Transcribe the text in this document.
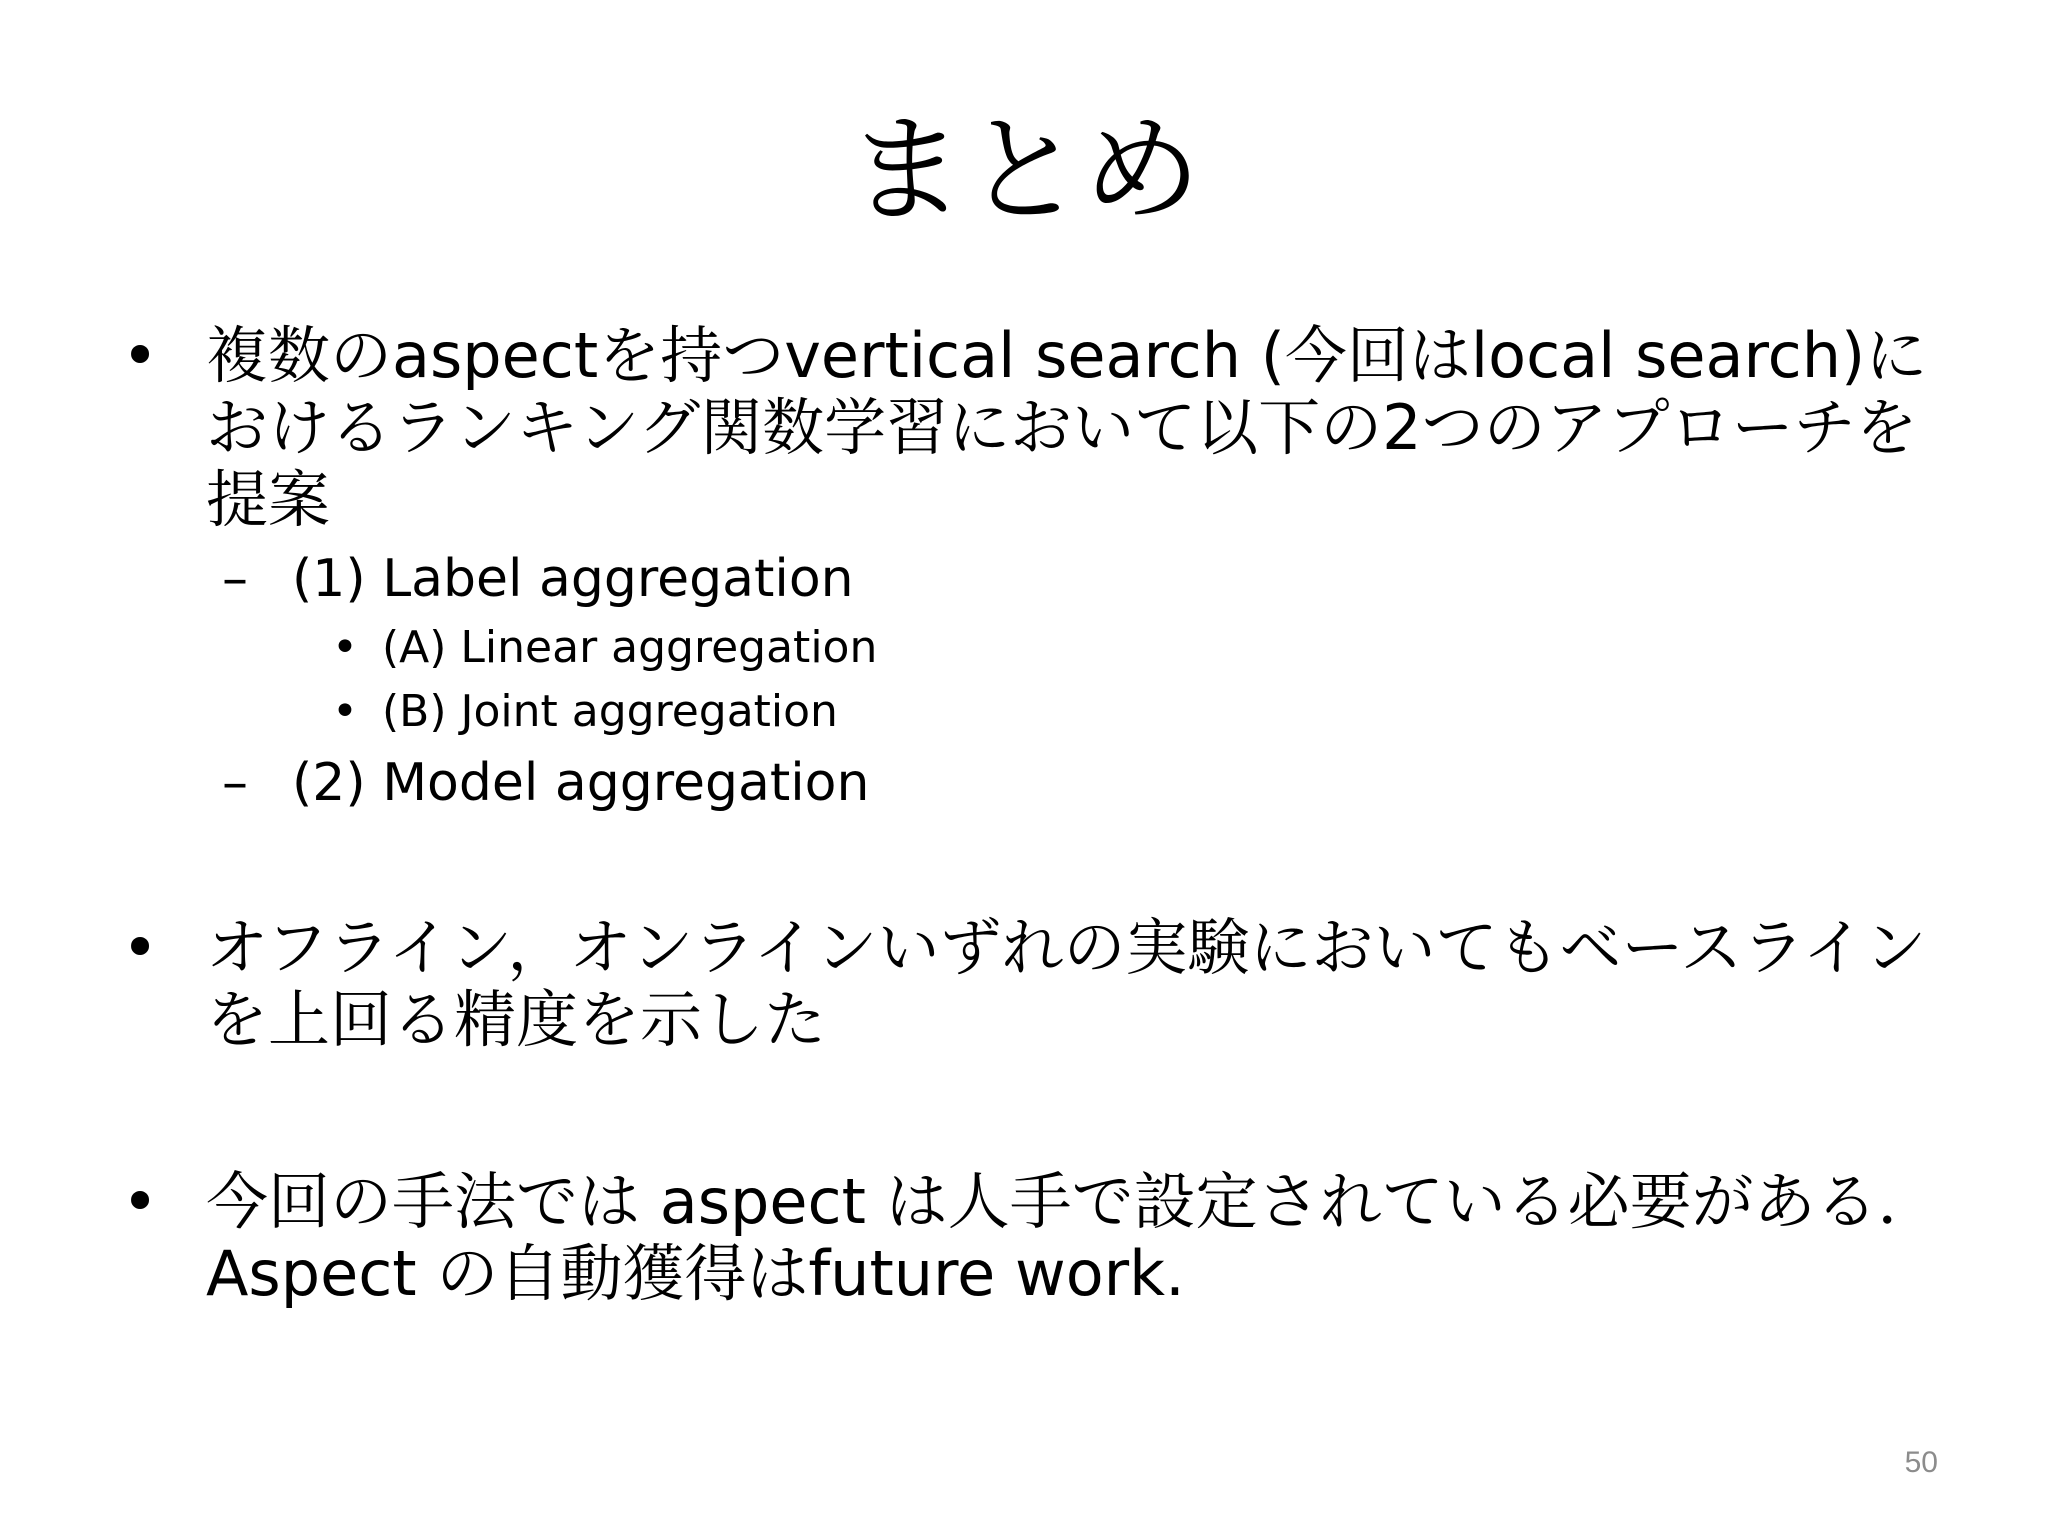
まとめ
• 複数のaspectを持つvertical search (今回はlocal search)におけるランキング関数学習において以下の2つのアプローチを提案
– (1) Label aggregation
• (A) Linear aggregation
• (B) Joint aggregation
– (2) Model aggregation
• オフライン，オンラインいずれの実験においてもベースラインを上回る精度を示した
• 今回の手法では aspect は人手で設定されている必要がある．Aspect の自動獲得はfuture work.
50
